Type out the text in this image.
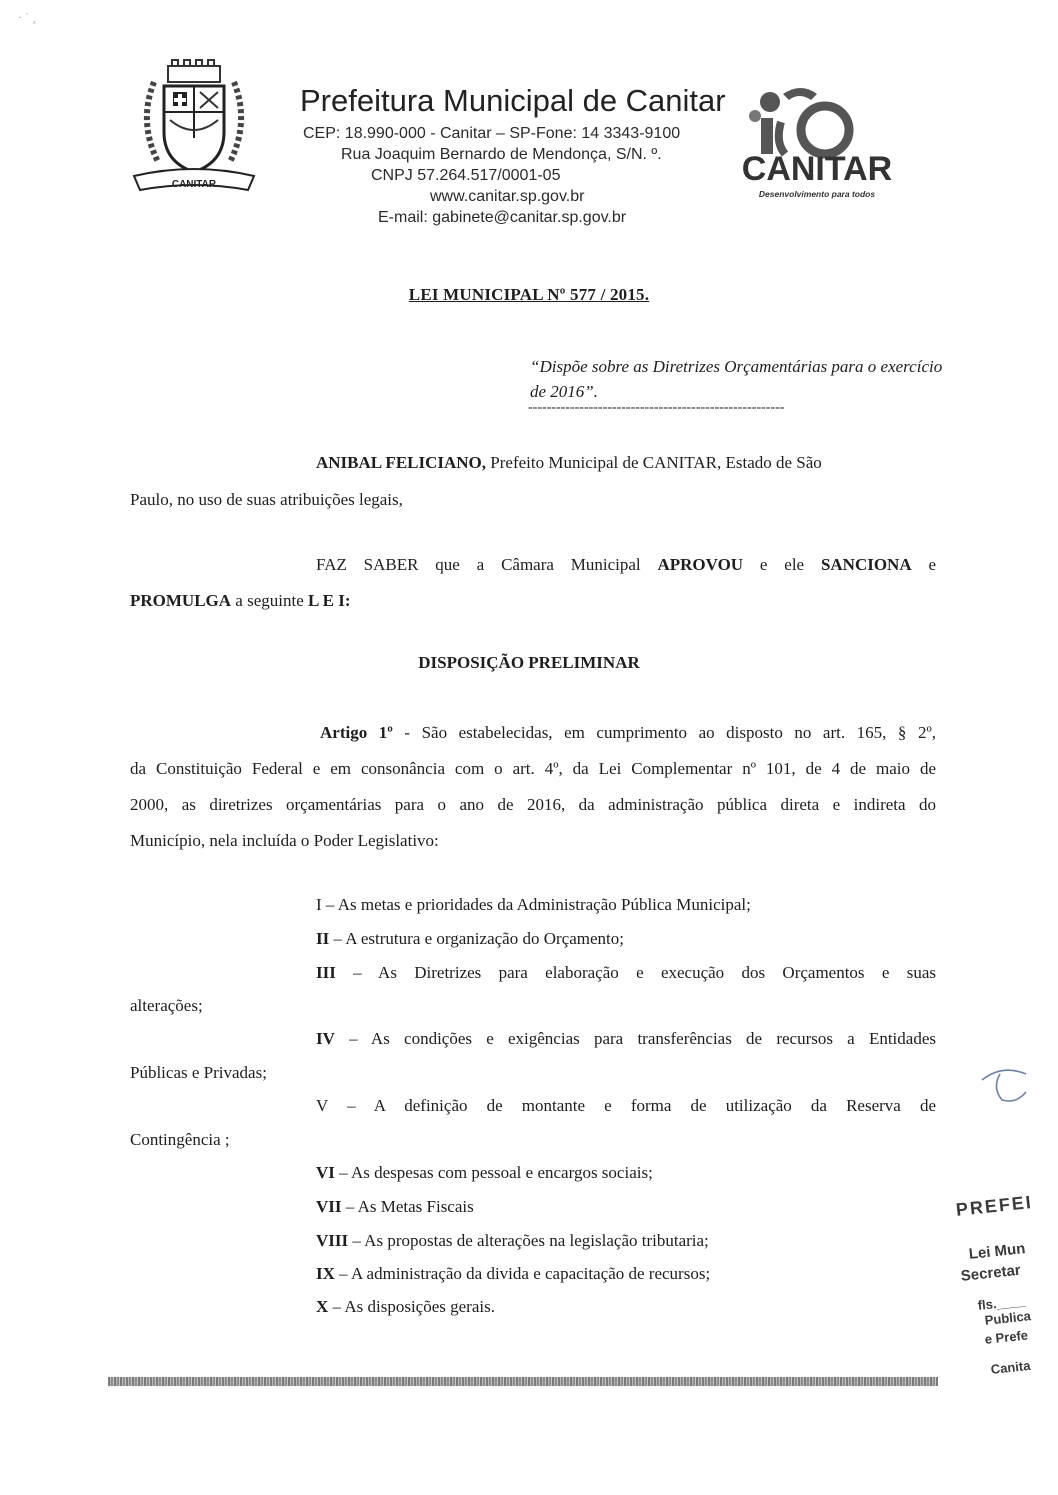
· ˙ ¸
CANITAR
Prefeitura Municipal de Canitar
CEP: 18.990-000 - Canitar – SP-Fone: 14 3343-9100
Rua Joaquim Bernardo de Mendonça, S/N. º.
CNPJ 57.264.517/0001-05
www.canitar.sp.gov.br
E-mail: gabinete@canitar.sp.gov.br
CANITAR
Desenvolvimento para todos
LEI MUNICIPAL Nº 577 / 2015.
“Dispõe sobre as Diretrizes Orçamentárias para o exercício de 2016”.
-------------------------------------------------------
ANIBAL FELICIANO, Prefeito Municipal de CANITAR, Estado de São
Paulo, no uso de suas atribuições legais,
FAZ SABER que a Câmara Municipal APROVOU e ele SANCIONA e
PROMULGA a seguinte L E I:
DISPOSIÇÃO PRELIMINAR
Artigo 1º - São estabelecidas, em cumprimento ao disposto no art. 165, § 2º,
da Constituição Federal e em consonância com o art. 4º, da Lei Complementar nº 101, de 4 de maio de
2000, as diretrizes orçamentárias para o ano de 2016, da administração pública direta e indireta do
Município, nela incluída o Poder Legislativo:
I – As metas e prioridades da Administração Pública Municipal;
II – A estrutura e organização do Orçamento;
III – As Diretrizes para elaboração e execução dos Orçamentos e suas
alterações;
IV – As condições e exigências para transferências de recursos a Entidades
Públicas e Privadas;
V – A definição de montante e forma de utilização da Reserva de
Contingência ;
VI – As despesas com pessoal e encargos sociais;
VII – As Metas Fiscais
VIII – As propostas de alterações na legislação tributaria;
IX – A administração da divida e capacitação de recursos;
X – As disposições gerais.
PREFEI
Lei Mun
Secretar
fls.____
Publica
e Prefe
Canita
